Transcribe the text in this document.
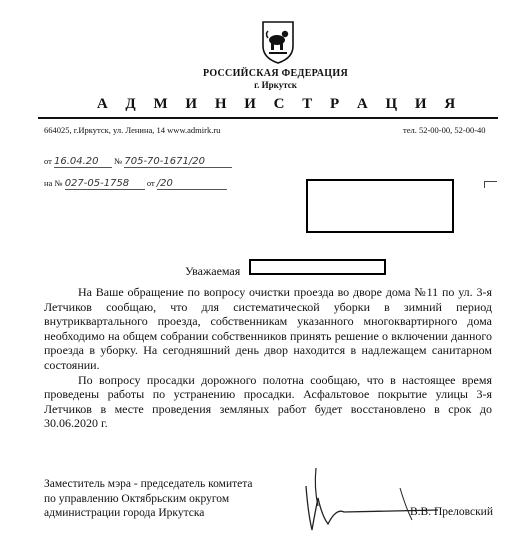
РОССИЙСКАЯ ФЕДЕРАЦИЯ
г. Иркутск
А Д М И Н И С Т Р А Ц И Я
664025, г.Иркутск, ул. Ленина, 14 www.admirk.ru	тел. 52-00-00, 52-00-40
от 16.04.20 № 705-70-1671/20
на № 027-05-1758 от /20
Уважаемая

На Ваше обращение по вопросу очистки проезда во дворе дома №11 по ул. 3-я Летчиков сообщаю, что для систематической уборки в зимний период внутриквартального проезда, собственникам указанного многоквартирного дома необходимо на общем собрании собственников принять решение о включении данного проезда в уборку. На сегодняшний день двор находится в надлежащем санитарном состоянии.

По вопросу просадки дорожного полотна сообщаю, что в настоящее время проведены работы по устранению просадки. Асфальтовое покрытие улицы 3-я Летчиков в месте проведения земляных работ будет восстановлено в срок до 30.06.2020 г.

Заместитель мэра - председатель комитета
по управлению Октябрьским округом
администрации города Иркутска	В.В. Преловский
